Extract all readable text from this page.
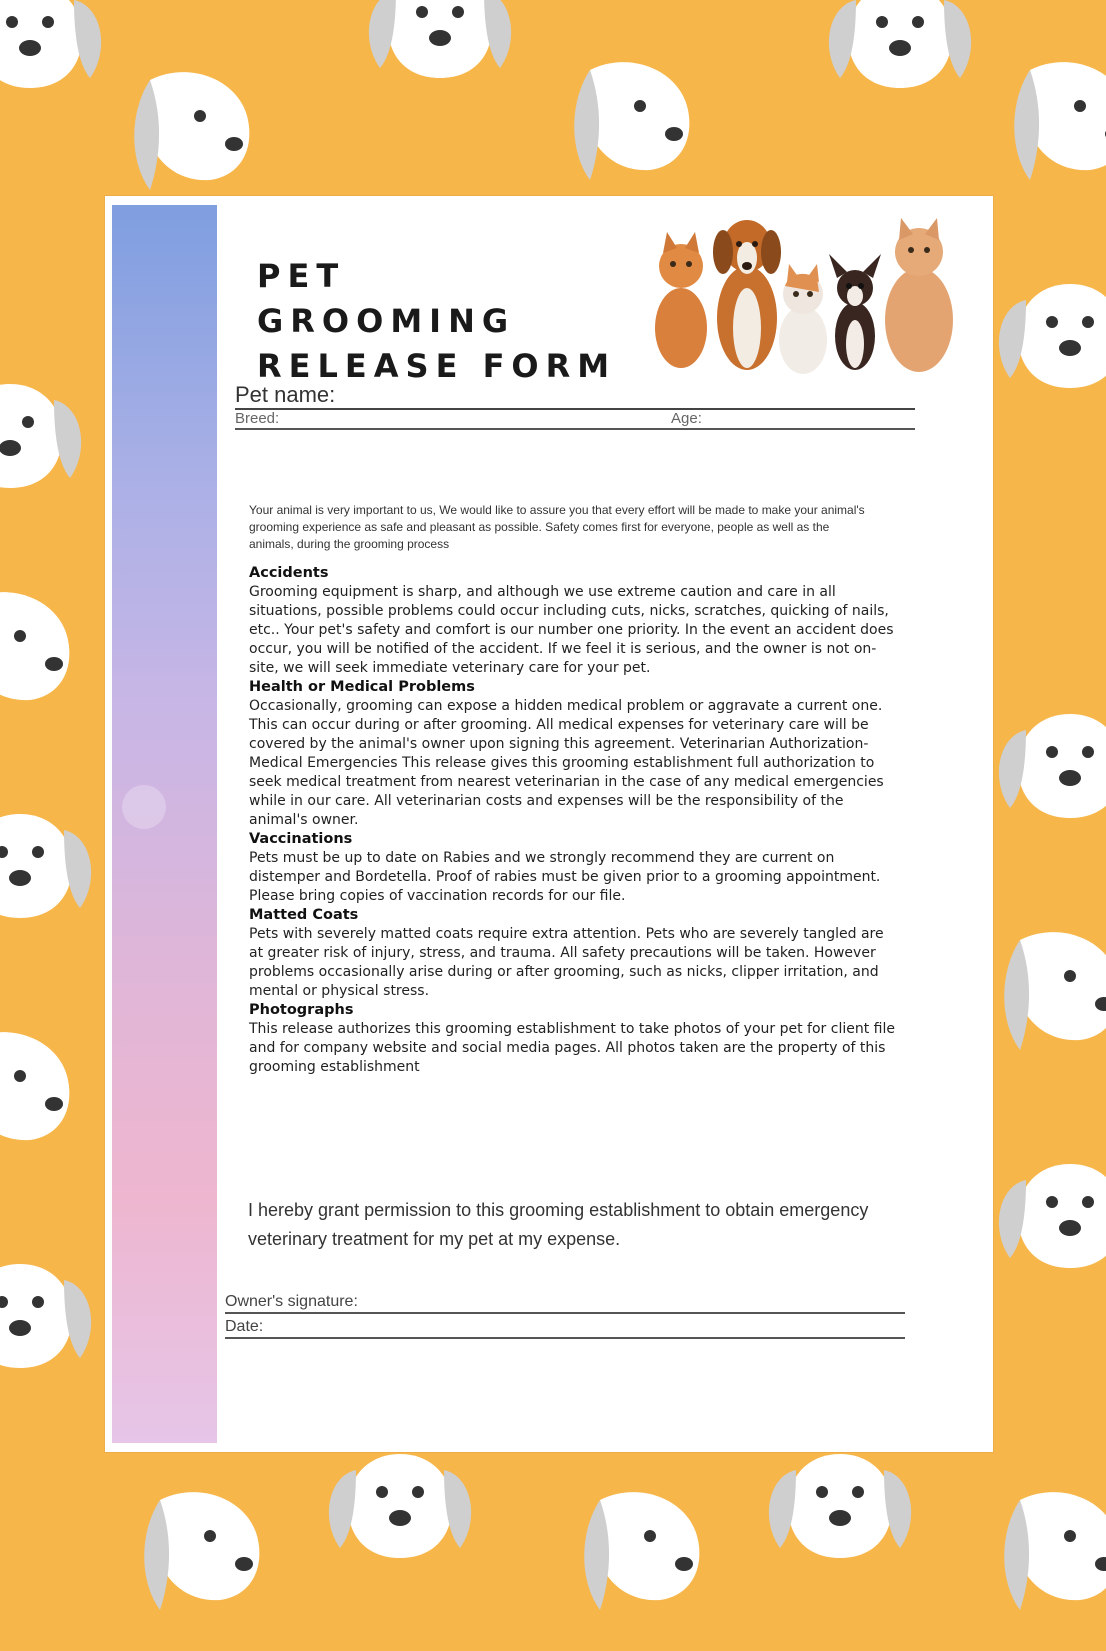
PET
GROOMING
RELEASE FORM
Pet name:
Breed:	Age:

Your animal is very important to us, We would like to assure you that every effort will be made to make your animal's grooming experience as safe and pleasant as possible. Safety comes first for everyone, people as well as the animals, during the grooming process

Accidents

Grooming equipment is sharp, and although we use extreme caution and care in all situations, possible problems could occur including cuts, nicks, scratches, quicking of nails, etc.. Your pet's safety and comfort is our number one priority. In the event an accident does occur, you will be notified of the accident. If we feel it is serious, and the owner is not on-site, we will seek immediate veterinary care for your pet.

Health or Medical Problems

Occasionally, grooming can expose a hidden medical problem or aggravate a current one. This can occur during or after grooming. All medical expenses for veterinary care will be covered by the animal's owner upon signing this agreement. Veterinarian Authorization-Medical Emergencies This release gives this grooming establishment full authorization to seek medical treatment from nearest veterinarian in the case of any medical emergencies while in our care. All veterinarian costs and expenses will be the responsibility of the animal's owner.

Vaccinations

Pets must be up to date on Rabies and we strongly recommend they are current on distemper and Bordetella. Proof of rabies must be given prior to a grooming appointment. Please bring copies of vaccination records for our file.

Matted Coats

Pets with severely matted coats require extra attention. Pets who are severely tangled are at greater risk of injury, stress, and trauma. All safety precautions will be taken. However problems occasionally arise during or after grooming, such as nicks, clipper irritation, and mental or physical stress.

Photographs

This release authorizes this grooming establishment to take photos of your pet for client file and for company website and social media pages. All photos taken are the property of this grooming establishment

I hereby grant permission to this grooming establishment to obtain emergency veterinary treatment for my pet at my expense.

Owner's signature:
Date:
